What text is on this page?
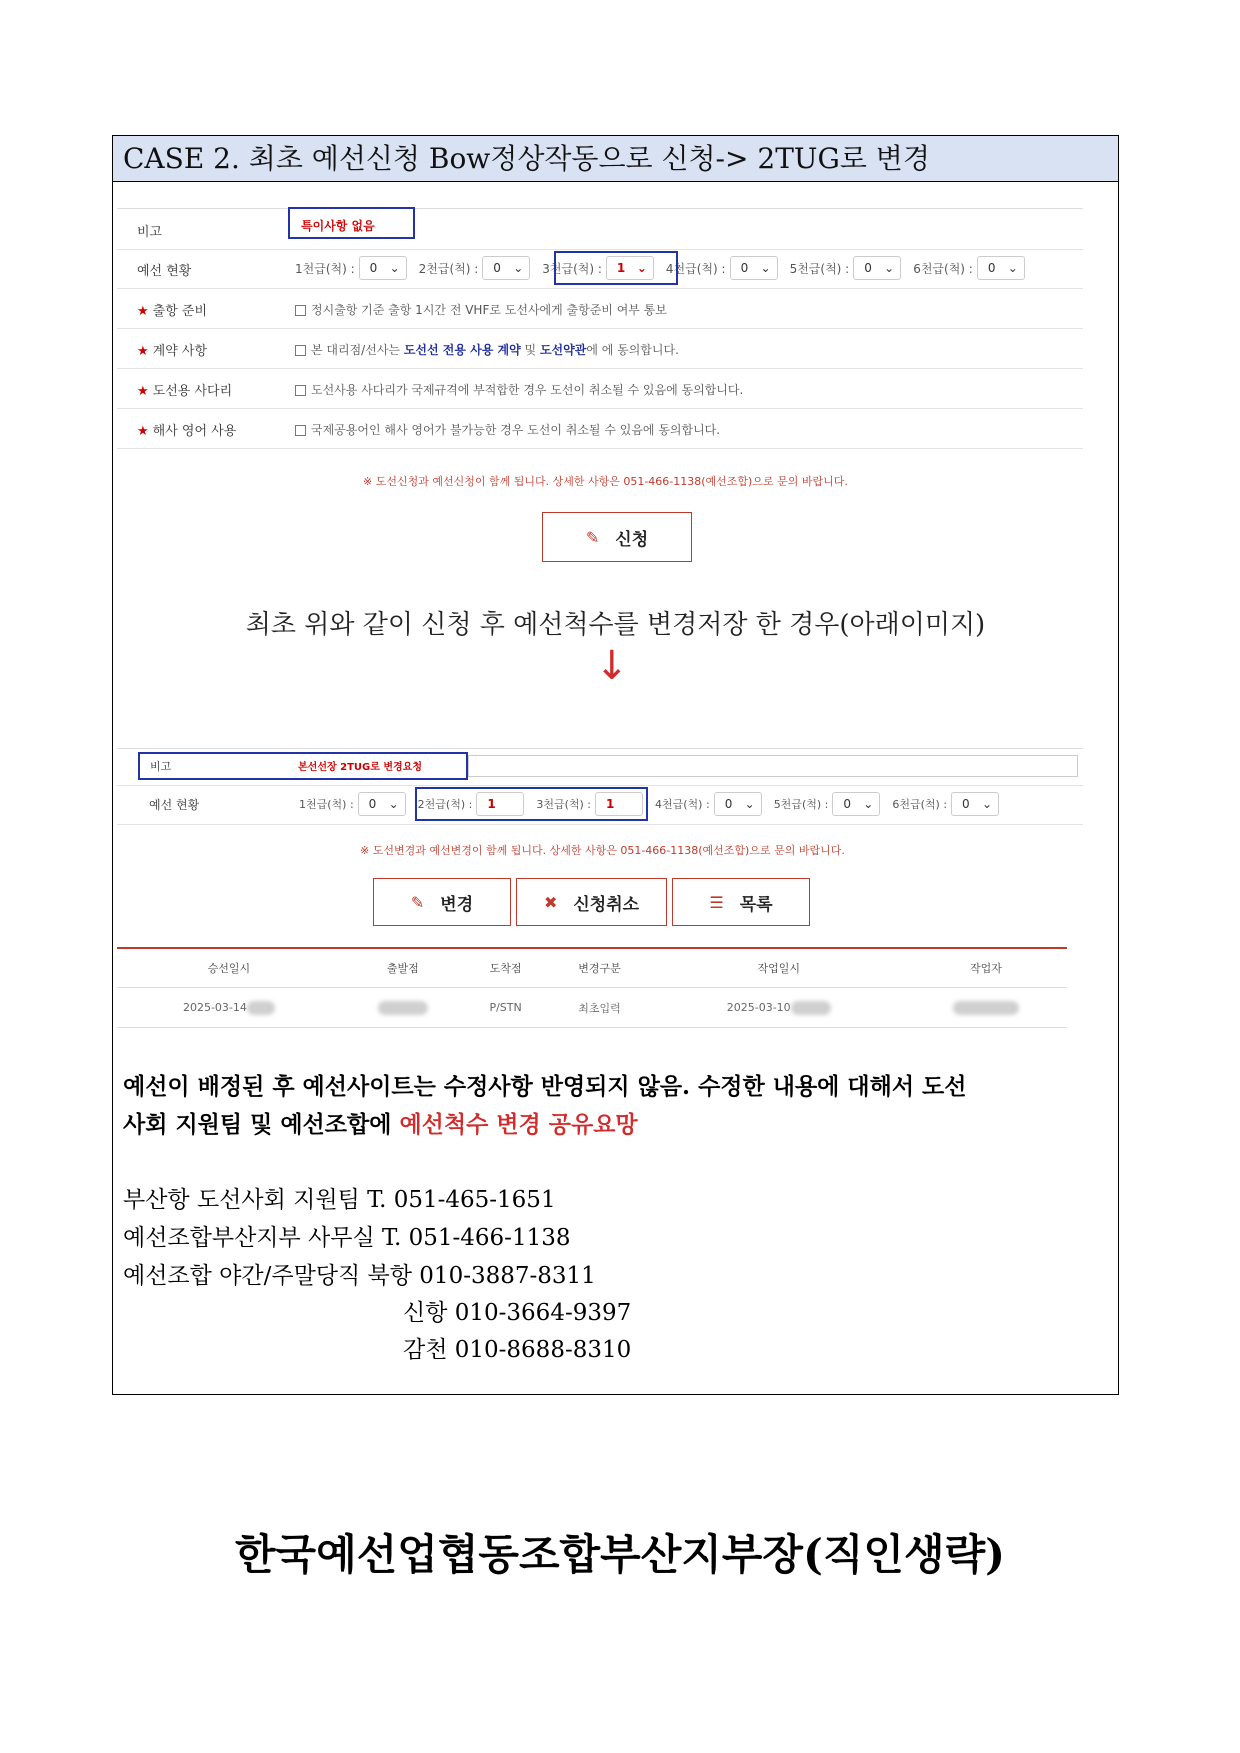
CASE 2. 최초 예선신청 Bow정상작동으로 신청-> 2TUG로 변경
비고	특이사항 없음
예선 현황	1천급(척) : 0 ⌄ 2천급(척) : 0 ⌄ 3천급(척) : 1 ⌄ 4천급(척) : 0 ⌄ 5천급(척) : 0 ⌄ 6천급(척) : 0 ⌄
★ 출항 준비	정시출항 기준 출항 1시간 전 VHF로 도선사에게 출항준비 여부 통보
★ 계약 사항	본 대리점/선사는 도선선 전용 사용 계약 및 도선약관에 에 동의합니다.
★ 도선용 사다리	도선사용 사다리가 국제규격에 부적합한 경우 도선이 취소될 수 있음에 동의합니다.
★ 해사 영어 사용	국제공용어인 해사 영어가 불가능한 경우 도선이 취소될 수 있음에 동의합니다.
※ 도선신청과 예선신청이 함께 됩니다. 상세한 사항은 051-466-1138(예선조합)으로 문의 바랍니다.
✎ 신청
최초 위와 같이 신청 후 예선척수를 변경저장 한 경우(아래이미지)
↓
비고	본선선장 2TUG로 변경요청
예선 현황	1천급(척) : 0 ⌄ 2천급(척) : 1	3천급(척) : 1	4천급(척) : 0 ⌄ 5천급(척) : 0 ⌄ 6천급(척) : 0 ⌄
※ 도선변경과 예선변경이 함께 됩니다. 상세한 사항은 051-466-1138(예선조합)으로 문의 바랍니다.
✎ 변경	✖ 신청취소	☰ 목록
승선일시	출발점	도착점	변경구분	작업일시	작업자
2025-03-14		P/STN	최초입력	2025-03-10	
예선이 배정된 후 예선사이트는 수정사항 반영되지 않음. 수정한 내용에 대해서 도선
사회 지원팀 및 예선조합에 예선척수 변경 공유요망
부산항 도선사회 지원팀 T. 051-465-1651
예선조합부산지부 사무실 T. 051-466-1138
예선조합 야간/주말당직 북항 010-3887-8311
신항 010-3664-9397
감천 010-8688-8310
한국예선업협동조합부산지부장(직인생략)
